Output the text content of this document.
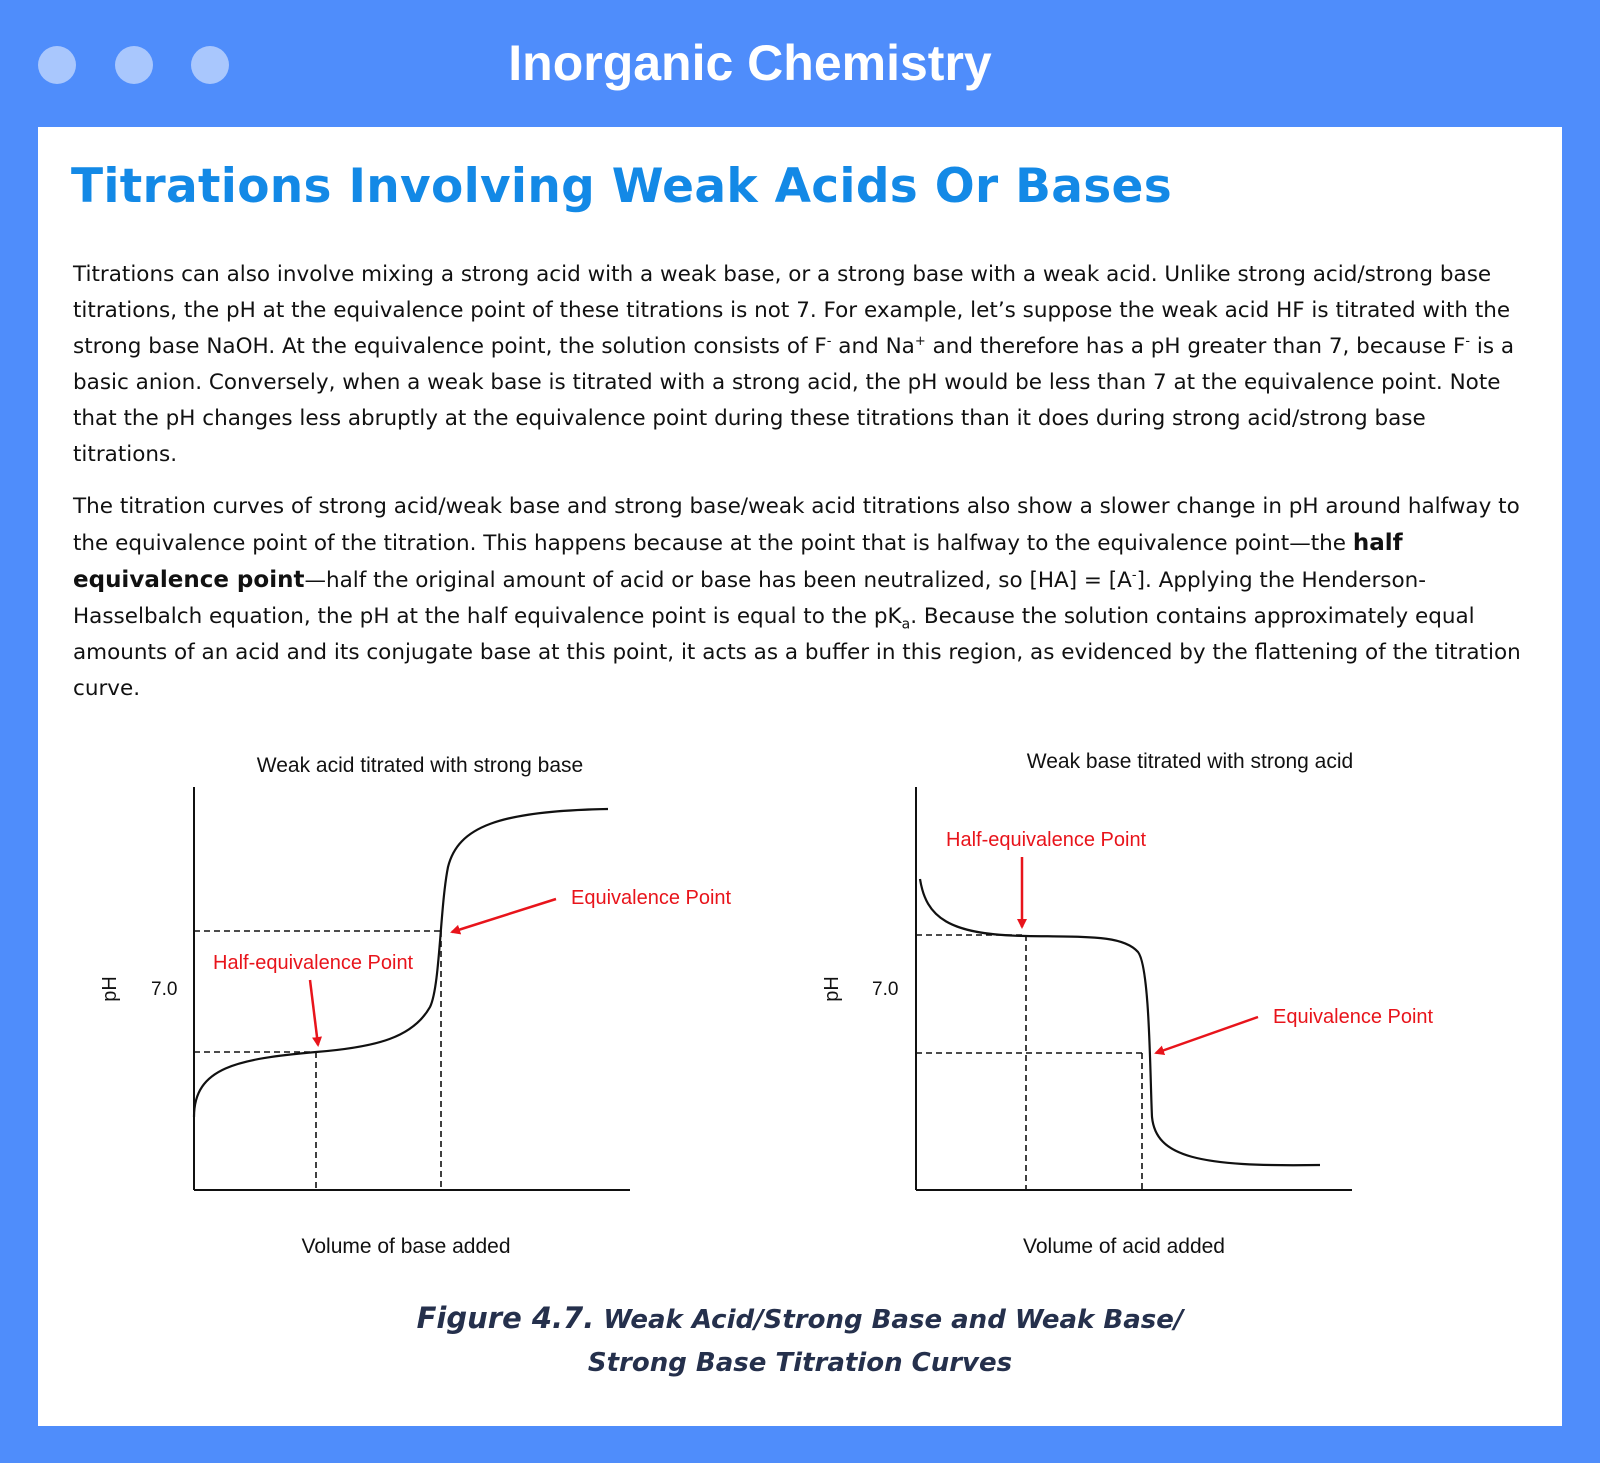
Inorganic Chemistry
Titrations Involving Weak Acids Or Bases

Titrations can also involve mixing a strong acid with a weak base, or a strong base with a weak acid. Unlike strong acid/strong base titrations, the pH at the equivalence point of these titrations is not 7. For example, let’s suppose the weak acid HF is titrated with the strong base NaOH. At the equivalence point, the solution consists of F- and Na+ and therefore has a pH greater than 7, because F- is a basic anion. Conversely, when a weak base is titrated with a strong acid, the pH would be less than 7 at the equivalence point. Note that the pH changes less abruptly at the equivalence point during these titrations than it does during strong acid/strong base titrations.

The titration curves of strong acid/weak base and strong base/weak acid titrations also show a slower change in pH around halfway to the equivalence point of the titration. This happens because at the point that is halfway to the equivalence point—the half equivalence point—half the original amount of acid or base has been neutralized, so [HA] = [A-]. Applying the Henderson-Hasselbalch equation, the pH at the half equivalence point is equal to the $pK_a$. Because the solution contains approximately equal amounts of an acid and its conjugate base at this point, it acts as a buffer in this region, as evidenced by the flattening of the titration curve.

Weak acid titrated with strong base
pH 7.0
Volume of base added
Half-equivalence Point
Equivalence Point
Weak base titrated with strong acid
pH 7.0
Volume of acid added
Half-equivalence Point
Equivalence Point
Figure 4.7. Weak Acid/Strong Base and Weak Base/
Strong Base Titration Curves
